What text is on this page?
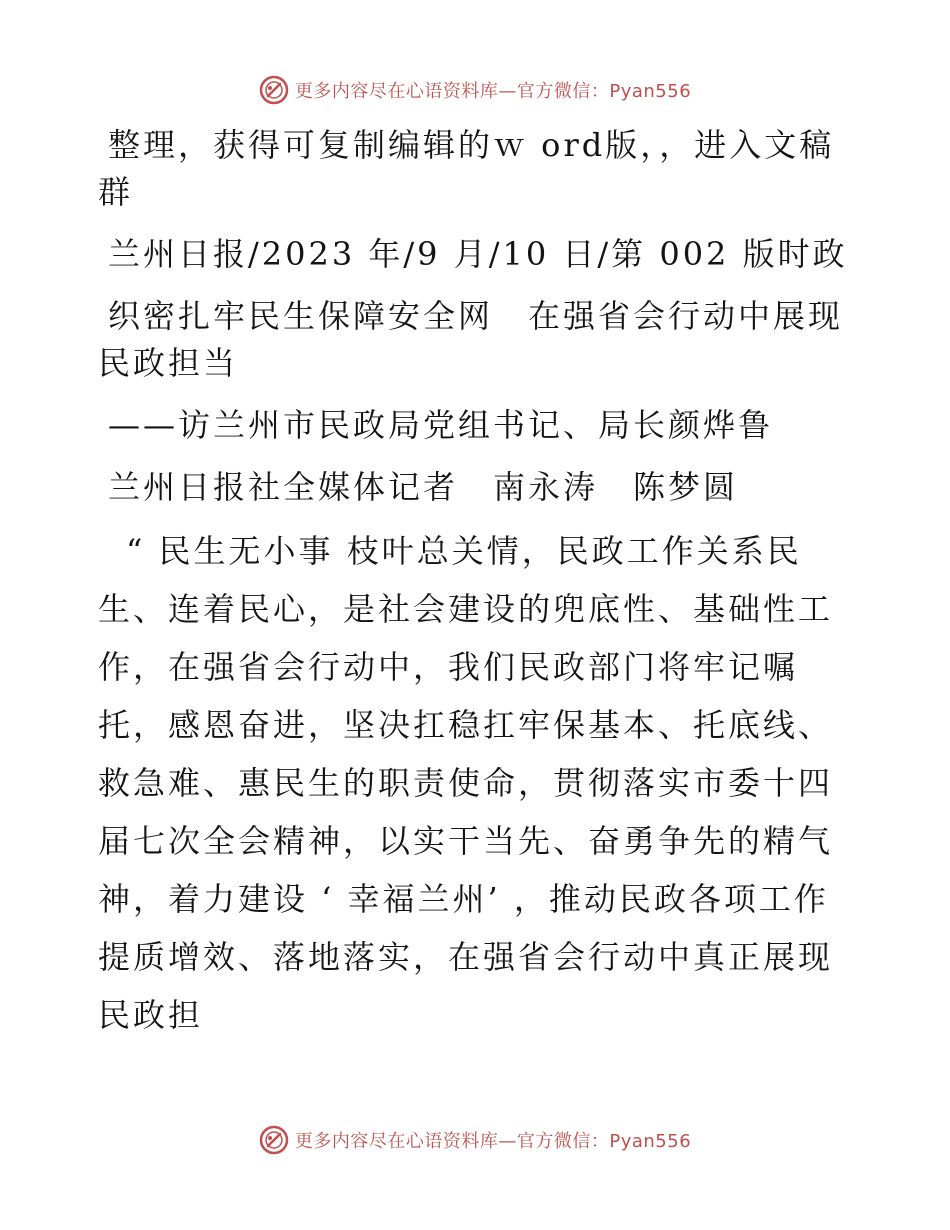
更多内容尽在心语资料库—官方微信：Pyan556

整理，获得可复制编辑的ｗ ord版，，进入文稿群

兰州日报/2023 年/9 月/10 日/第 002 版时政

织密扎牢民生保障安全网　在强省会行动中展现民政担当

——访兰州市民政局党组书记、局长颜烨鲁

兰州日报社全媒体记者　南永涛　陈梦圆

“ 民生无小事 枝叶总关情，民政工作关系民生、连着民心，是社会建设的兜底性、基础性工作，在强省会行动中，我们民政部门将牢记嘱托，感恩奋进，坚决扛稳扛牢保基本、托底线、救急难、惠民生的职责使命，贯彻落实市委十四届七次全会精神，以实干当先、奋勇争先的精气神，着力建设 ‘ 幸福兰州’ ，推动民政各项工作提质增效、落地落实，在强省会行动中真正展现民政担

更多内容尽在心语资料库—官方微信：Pyan556
